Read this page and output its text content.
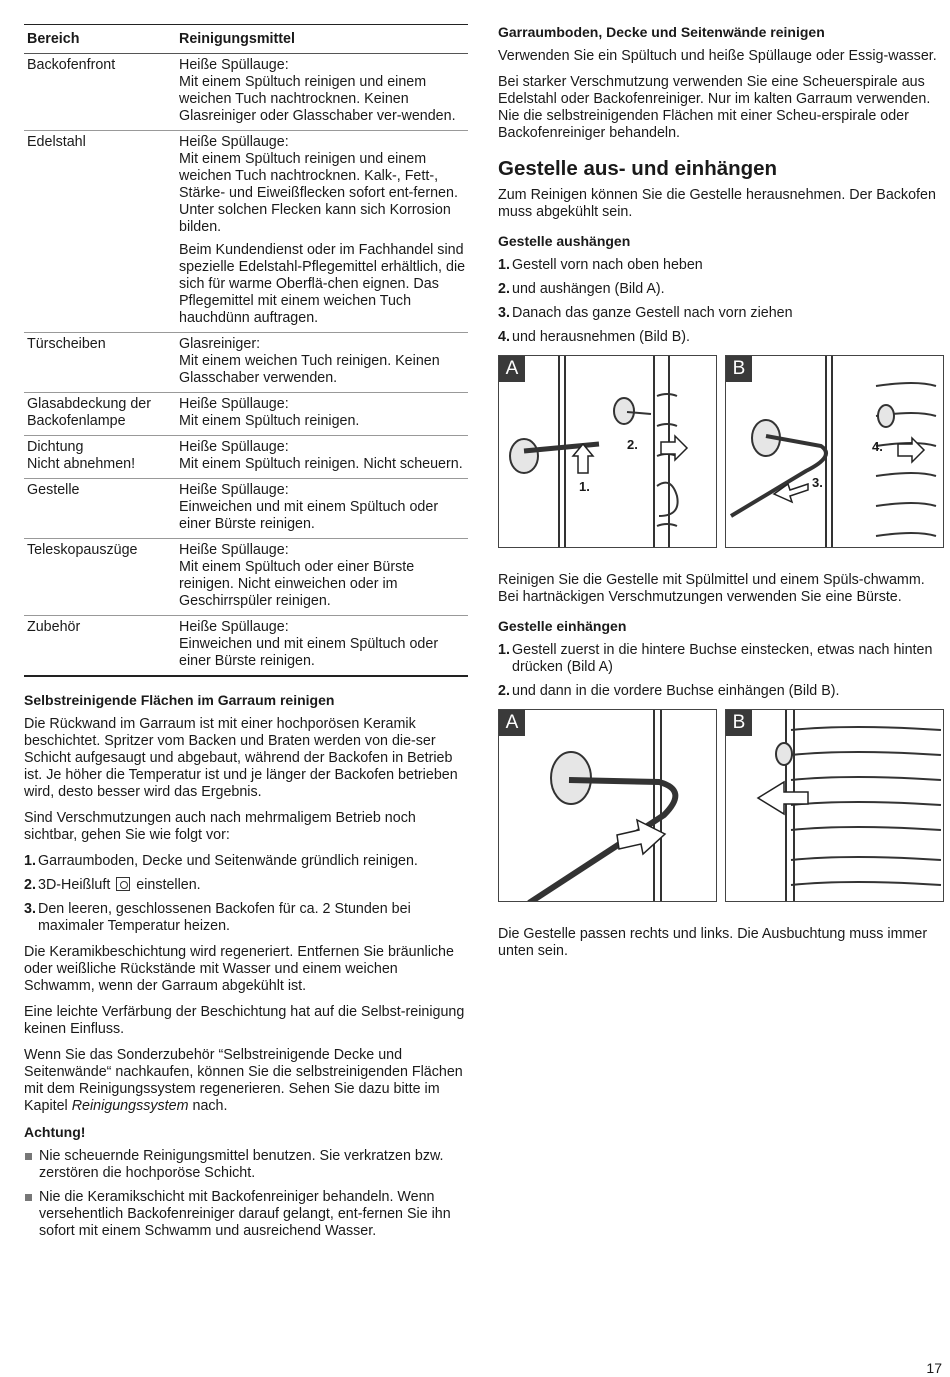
Bereich	Reinigungsmittel
Backofenfront	Heiße Spüllauge:
Mit einem Spültuch reinigen und einem weichen Tuch nachtrocknen. Keinen Glasreiniger oder Glasschaber ver-wenden.

Edelstahl	Heiße Spüllauge:
Mit einem Spültuch reinigen und einem weichen Tuch nachtrocknen. Kalk-, Fett-, Stärke- und Eiweißflecken sofort ent-fernen. Unter solchen Flecken kann sich Korrosion bilden.

Beim Kundendienst oder im Fachhandel sind spezielle Edelstahl-Pflegemittel erhältlich, die sich für warme Oberflä-chen eignen. Das Pflegemittel mit einem weichen Tuch hauchdünn auftragen.

Türscheiben	Glasreiniger:
Mit einem weichen Tuch reinigen. Keinen Glasschaber verwenden.

Glasabdeckung der Backofenlampe	Heiße Spüllauge:
Mit einem Spültuch reinigen.

Dichtung
Nicht abnehmen!	Heiße Spüllauge:
Mit einem Spültuch reinigen. Nicht scheuern.

Gestelle	Heiße Spüllauge:
Einweichen und mit einem Spültuch oder einer Bürste reinigen.

Teleskopauszüge	Heiße Spüllauge:
Mit einem Spültuch oder einer Bürste reinigen. Nicht einweichen oder im Geschirrspüler reinigen.

Zubehör	Heiße Spüllauge:
Einweichen und mit einem Spültuch oder einer Bürste reinigen.

Selbstreinigende Flächen im Garraum reinigen

Die Rückwand im Garraum ist mit einer hochporösen Keramik beschichtet. Spritzer vom Backen und Braten werden von die-ser Schicht aufgesaugt und abgebaut, während der Backofen in Betrieb ist. Je höher die Temperatur ist und je länger der Backofen betrieben wird, desto besser wird das Ergebnis.

Sind Verschmutzungen auch nach mehrmaligem Betrieb noch sichtbar, gehen Sie wie folgt vor:

1. Garraumboden, Decke und Seitenwände gründlich reinigen.
2. 3D-Heißluft einstellen.
3. Den leeren, geschlossenen Backofen für ca. 2 Stunden bei maximaler Temperatur heizen.

Die Keramikbeschichtung wird regeneriert. Entfernen Sie bräunliche oder weißliche Rückstände mit Wasser und einem weichen Schwamm, wenn der Garraum abgekühlt ist.

Eine leichte Verfärbung der Beschichtung hat auf die Selbst-reinigung keinen Einfluss.

Wenn Sie das Sonderzubehör “Selbstreinigende Decke und Seitenwände“ nachkaufen, können Sie die selbstreinigenden Flächen mit dem Reinigungssystem regenerieren. Sehen Sie dazu bitte im Kapitel Reinigungssystem nach.

Achtung!
Nie scheuernde Reinigungsmittel benutzen. Sie verkratzen bzw. zerstören die hochporöse Schicht.
Nie die Keramikschicht mit Backofenreiniger behandeln. Wenn versehentlich Backofenreiniger darauf gelangt, ent-fernen Sie ihn sofort mit einem Schwamm und ausreichend Wasser.
Garraumboden, Decke und Seitenwände reinigen

Verwenden Sie ein Spültuch und heiße Spüllauge oder Essig-wasser.

Bei starker Verschmutzung verwenden Sie eine Scheuerspirale aus Edelstahl oder Backofenreiniger. Nur im kalten Garraum verwenden. Nie die selbstreinigenden Flächen mit einer Scheu-erspirale oder Backofenreiniger behandeln.

Gestelle aus- und einhängen

Zum Reinigen können Sie die Gestelle herausnehmen. Der Backofen muss abgekühlt sein.

Gestelle aushängen
1. Gestell vorn nach oben heben
2. und aushängen (Bild A).
3. Danach das ganze Gestell nach vorn ziehen
4. und herausnehmen (Bild B).
A
1.
2.
B
3.
4.

Reinigen Sie die Gestelle mit Spülmittel und einem Spüls-chwamm. Bei hartnäckigen Verschmutzungen verwenden Sie eine Bürste.

Gestelle einhängen
1. Gestell zuerst in die hintere Buchse einstecken, etwas nach hinten drücken (Bild A)
2. und dann in die vordere Buchse einhängen (Bild B).
A	B

Die Gestelle passen rechts und links. Die Ausbuchtung muss immer unten sein.

17
